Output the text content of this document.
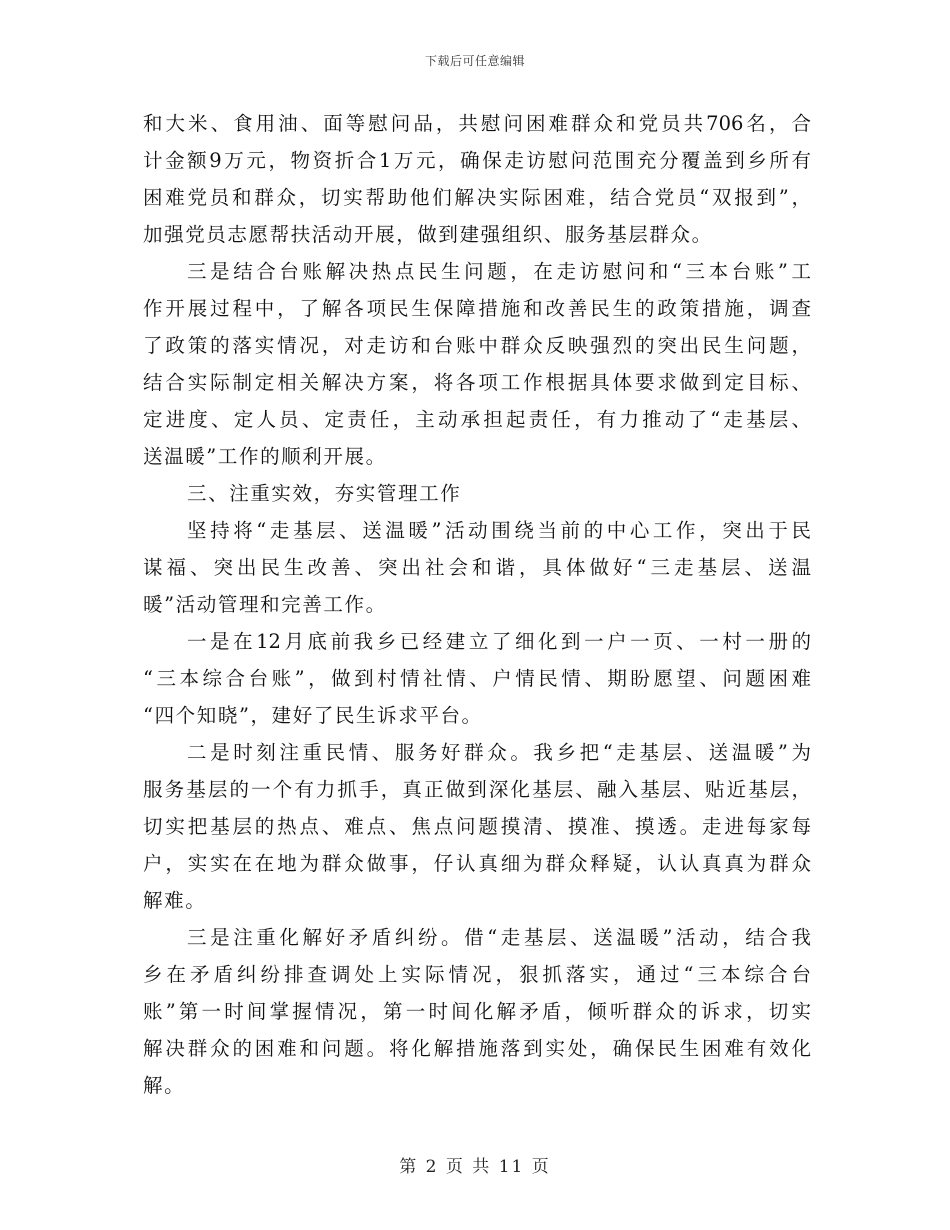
下载后可任意编辑
和大米、食用油、面等慰问品，共慰问困难群众和党员共706名，合
计金额9万元，物资折合1万元，确保走访慰问范围充分覆盖到乡所有
困难党员和群众，切实帮助他们解决实际困难，结合党员“双报到”，
加强党员志愿帮扶活动开展，做到建强组织、服务基层群众。
三是结合台账解决热点民生问题，在走访慰问和“三本台账”工
作开展过程中，了解各项民生保障措施和改善民生的政策措施，调查
了政策的落实情况，对走访和台账中群众反映强烈的突出民生问题，
结合实际制定相关解决方案，将各项工作根据具体要求做到定目标、
定进度、定人员、定责任，主动承担起责任，有力推动了“走基层、
送温暖”工作的顺利开展。
三、注重实效，夯实管理工作
坚持将“走基层、送温暖”活动围绕当前的中心工作，突出于民
谋福、突出民生改善、突出社会和谐，具体做好“三走基层、送温
暖”活动管理和完善工作。
一是在12月底前我乡已经建立了细化到一户一页、一村一册的
“三本综合台账”，做到村情社情、户情民情、期盼愿望、问题困难
“四个知晓”，建好了民生诉求平台。
二是时刻注重民情、服务好群众。我乡把“走基层、送温暖”为
服务基层的一个有力抓手，真正做到深化基层、融入基层、贴近基层，
切实把基层的热点、难点、焦点问题摸清、摸准、摸透。走进每家每
户，实实在在地为群众做事，仔认真细为群众释疑，认认真真为群众
解难。
三是注重化解好矛盾纠纷。借“走基层、送温暖”活动，结合我
乡在矛盾纠纷排查调处上实际情况，狠抓落实，通过“三本综合台
账”第一时间掌握情况，第一时间化解矛盾，倾听群众的诉求，切实
解决群众的困难和问题。将化解措施落到实处，确保民生困难有效化
解。
第 2 页 共 11 页
